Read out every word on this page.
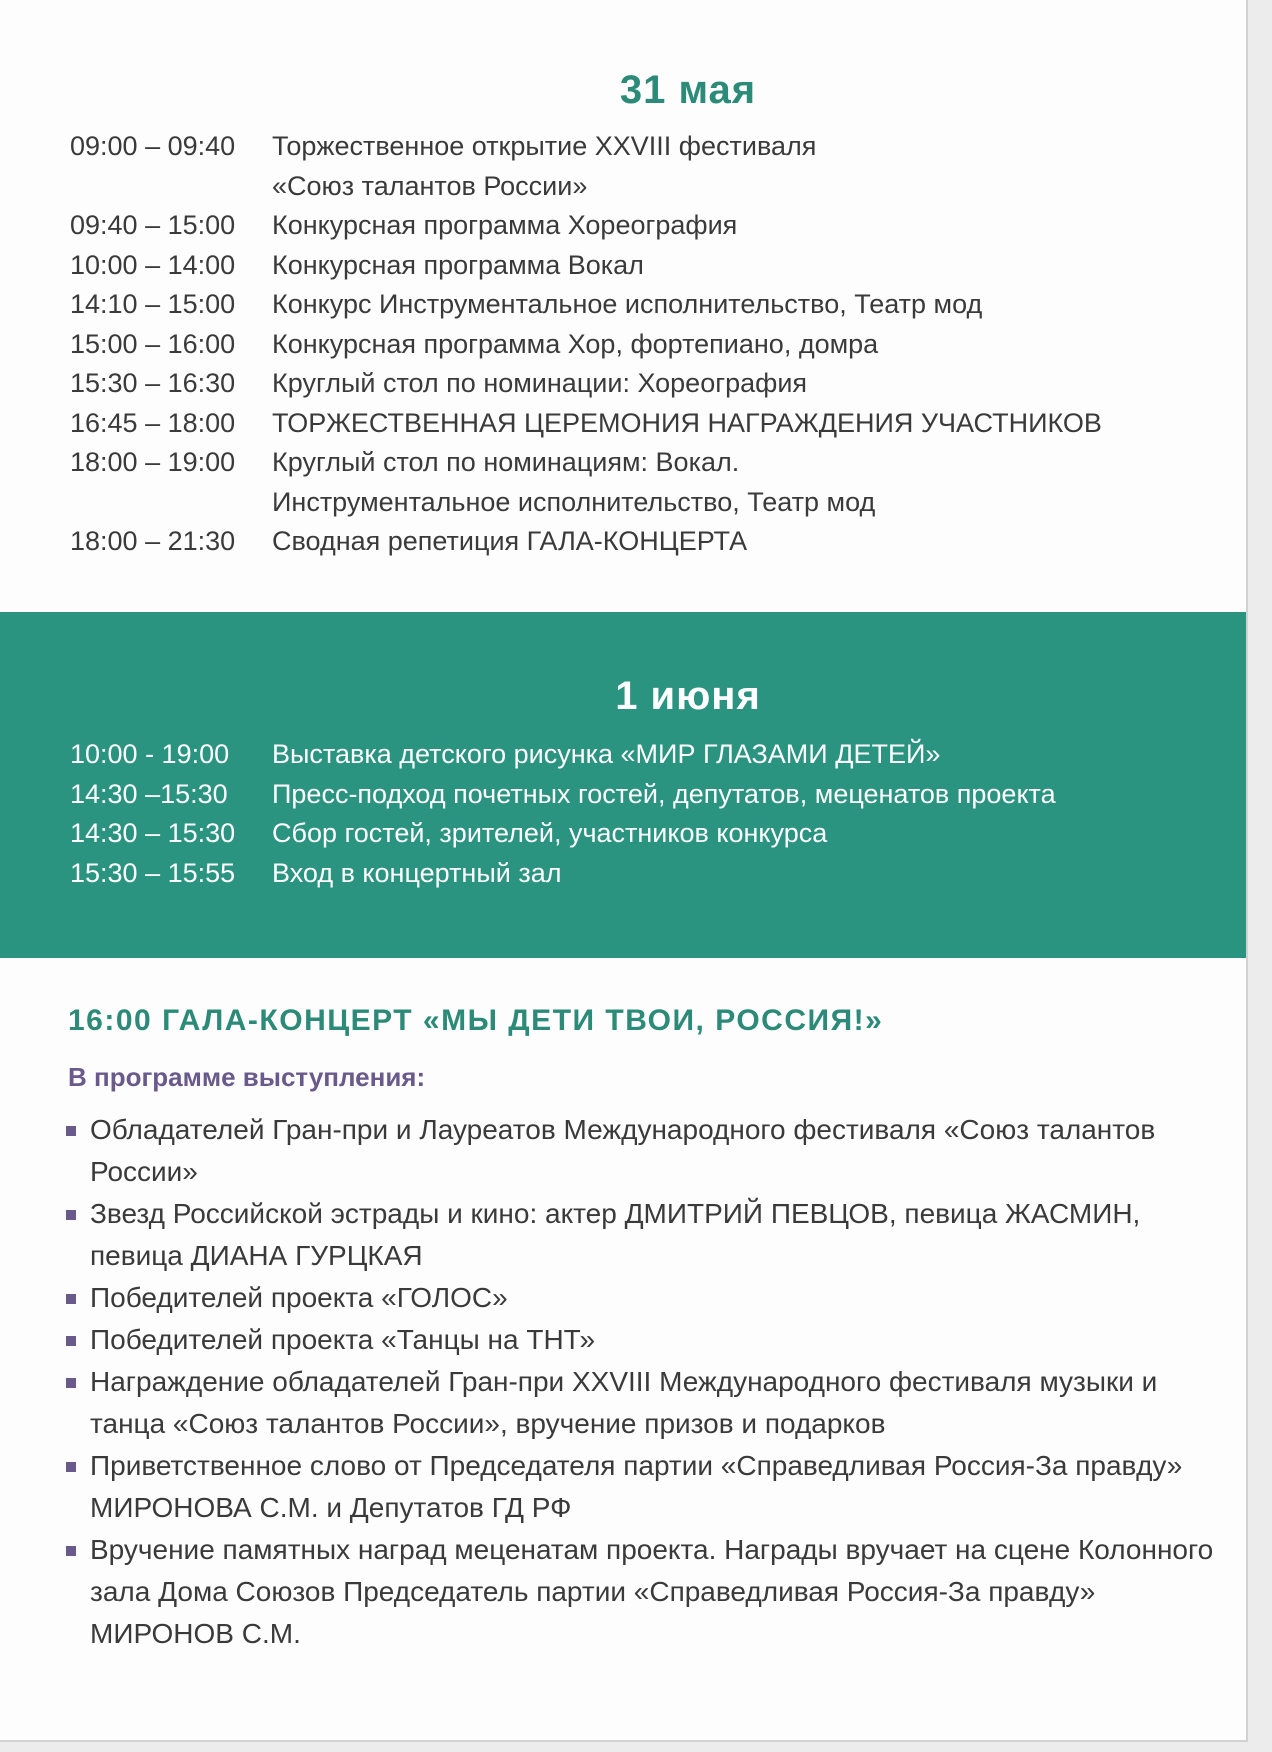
31 мая
09:00 – 09:40	Торжественное открытие XXVIII фестиваля
«Союз талантов России»
09:40 – 15:00	Конкурсная программа Хореография
10:00 – 14:00	Конкурсная программа Вокал
14:10 – 15:00	Конкурс Инструментальное исполнительство, Театр мод
15:00 – 16:00	Конкурсная программа Хор, фортепиано, домра
15:30 – 16:30	Круглый стол по номинации: Хореография
16:45 – 18:00	ТОРЖЕСТВЕННАЯ ЦЕРЕМОНИЯ НАГРАЖДЕНИЯ УЧАСТНИКОВ
18:00 – 19:00	Круглый стол по номинациям: Вокал.
Инструментальное исполнительство, Театр мод
18:00 – 21:30	Сводная репетиция ГАЛА-КОНЦЕРТА
1 июня
10:00 - 19:00	Выставка детского рисунка «МИР ГЛАЗАМИ ДЕТЕЙ»
14:30 –15:30	Пресс-подход почетных гостей, депутатов, меценатов проекта
14:30 – 15:30	Сбор гостей, зрителей, участников конкурса
15:30 – 15:55	Вход в концертный зал
16:00 ГАЛА-КОНЦЕРТ «МЫ ДЕТИ ТВОИ, РОССИЯ!»
В программе выступления:
Обладателей Гран-при и Лауреатов Международного фестиваля «Союз талантов России»
Звезд Российской эстрады и кино: актер ДМИТРИЙ ПЕВЦОВ, певица ЖАСМИН, певица ДИАНА ГУРЦКАЯ
Победителей проекта «ГОЛОС»
Победителей проекта «Танцы на ТНТ»
Награждение обладателей Гран-при XXVIII Международного фестиваля музыки и танца «Союз талантов России», вручение призов и подарков
Приветственное слово от Председателя партии «Справедливая Россия-За правду» МИРОНОВА С.М. и Депутатов ГД РФ
Вручение памятных наград меценатам проекта. Награды вручает на сцене Колонного зала Дома Союзов Председатель партии «Справедливая Россия-За правду» МИРОНОВ С.М.
